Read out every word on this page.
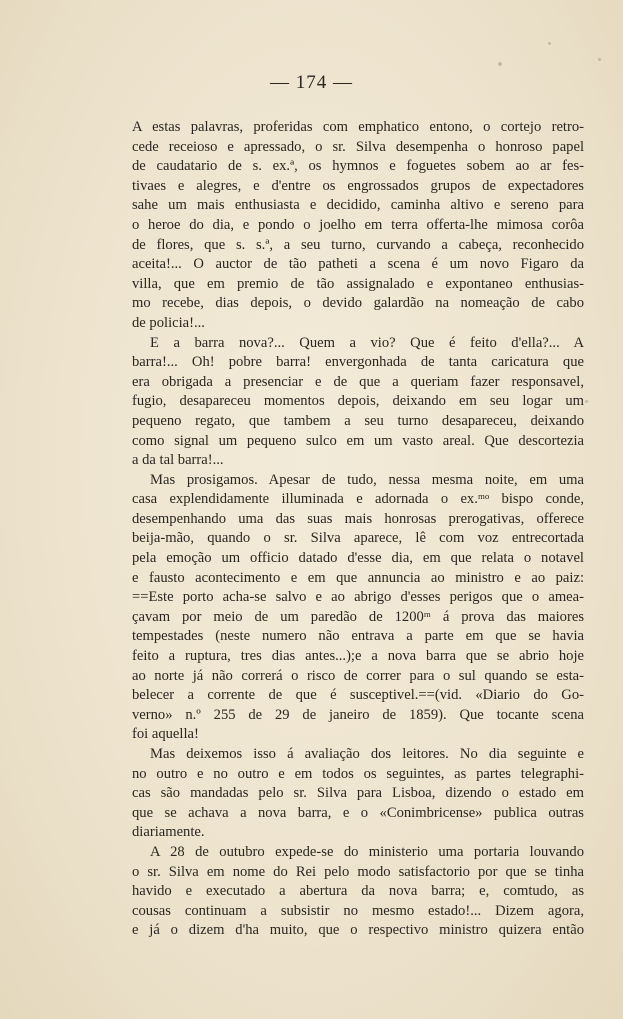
— 174 —
A estas palavras, proferidas com emphatico entono, o cortejo retro-
cede receioso e apressado, o sr. Silva desempenha o honroso papel
de caudatario de s. ex.ª, os hymnos e foguetes sobem ao ar fes-
tivaes e alegres, e d'entre os engrossados grupos de expectadores
sahe um mais enthusiasta e decidido, caminha altivo e sereno para
o heroe do dia, e pondo o joelho em terra offerta-lhe mimosa corôa
de flores, que s. s.ª, a seu turno, curvando a cabeça, reconhecido
aceita!... O auctor de tão patheti a scena é um novo Figaro da
villa, que em premio de tão assignalado e expontaneo enthusias-
mo recebe, dias depois, o devido galardão na nomeação de cabo
de policia!...
E a barra nova?... Quem a vio? Que é feito d'ella?... A
barra!... Oh! pobre barra! envergonhada de tanta caricatura que
era obrigada a presenciar e de que a queriam fazer responsavel,
fugio, desapareceu momentos depois, deixando em seu logar um
pequeno regato, que tambem a seu turno desapareceu, deixando
como signal um pequeno sulco em um vasto areal. Que descortezia
a da tal barra!...
Mas prosigamos. Apesar de tudo, nessa mesma noite, em uma
casa explendidamente illuminada e adornada o ex.ᵐᵒ bispo conde,
desempenhando uma das suas mais honrosas prerogativas, offerece
beija-mão, quando o sr. Silva aparece, lê com voz entrecortada
pela emoção um officio datado d'esse dia, em que relata o notavel
e fausto acontecimento e em que annuncia ao ministro e ao paiz:
==Este porto acha-se salvo e ao abrigo d'esses perigos que o amea-
çavam por meio de um paredão de 1200ᵐ á prova das maiores
tempestades (neste numero não entrava a parte em que se havia
feito a ruptura, tres dias antes...);e a nova barra que se abrio hoje
ao norte já não correrá o risco de correr para o sul quando se esta-
belecer a corrente de que é susceptivel.==(vid. «Diario do Go-
verno» n.º 255 de 29 de janeiro de 1859). Que tocante scena
foi aquella!
Mas deixemos isso á avaliação dos leitores. No dia seguinte e
no outro e no outro e em todos os seguintes, as partes telegraphi-
cas são mandadas pelo sr. Silva para Lisboa, dizendo o estado em
que se achava a nova barra, e o «Conimbricense» publica outras
diariamente.
A 28 de outubro expede-se do ministerio uma portaria louvando
o sr. Silva em nome do Rei pelo modo satisfactorio por que se tinha
havido e executado a abertura da nova barra; e, comtudo, as
cousas continuam a subsistir no mesmo estado!... Dizem agora,
e já o dizem d'ha muito, que o respectivo ministro quizera então
